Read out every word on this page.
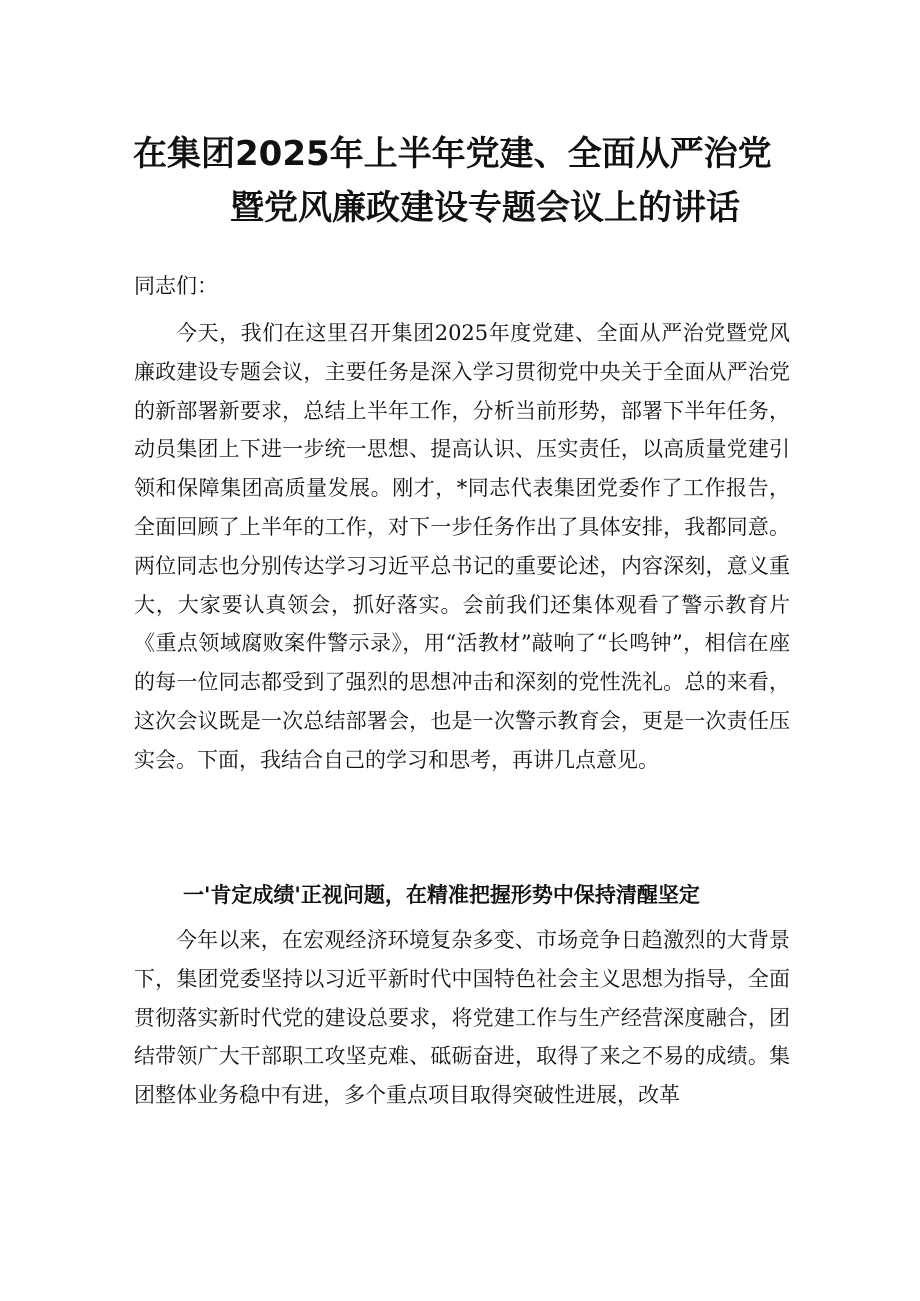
在集团2025年上半年党建、全面从严治党
暨党风廉政建设专题会议上的讲话
同志们：

今天，我们在这里召开集团2025年度党建、全面从严治党暨党风廉政建设专题会议，主要任务是深入学习贯彻党中央关于全面从严治党的新部署新要求，总结上半年工作，分析当前形势，部署下半年任务，动员集团上下进一步统一思想、提高认识、压实责任，以高质量党建引领和保障集团高质量发展。刚才，*同志代表集团党委作了工作报告，全面回顾了上半年的工作，对下一步任务作出了具体安排，我都同意。两位同志也分别传达学习习近平总书记的重要论述，内容深刻，意义重大，大家要认真领会，抓好落实。会前我们还集体观看了警示教育片《重点领域腐败案件警示录》，用“活教材”敲响了“长鸣钟”，相信在座的每一位同志都受到了强烈的思想冲击和深刻的党性洗礼。总的来看，这次会议既是一次总结部署会，也是一次警示教育会，更是一次责任压实会。下面，我结合自己的学习和思考，再讲几点意见。

一'肯定成绩'正视问题，在精准把握形势中保持清醒坚定

今年以来，在宏观经济环境复杂多变、市场竞争日趋激烈的大背景下，集团党委坚持以习近平新时代中国特色社会主义思想为指导，全面贯彻落实新时代党的建设总要求，将党建工作与生产经营深度融合，团结带领广大干部职工攻坚克难、砥砺奋进，取得了来之不易的成绩。集团整体业务稳中有进，多个重点项目取得突破性进展，改革
